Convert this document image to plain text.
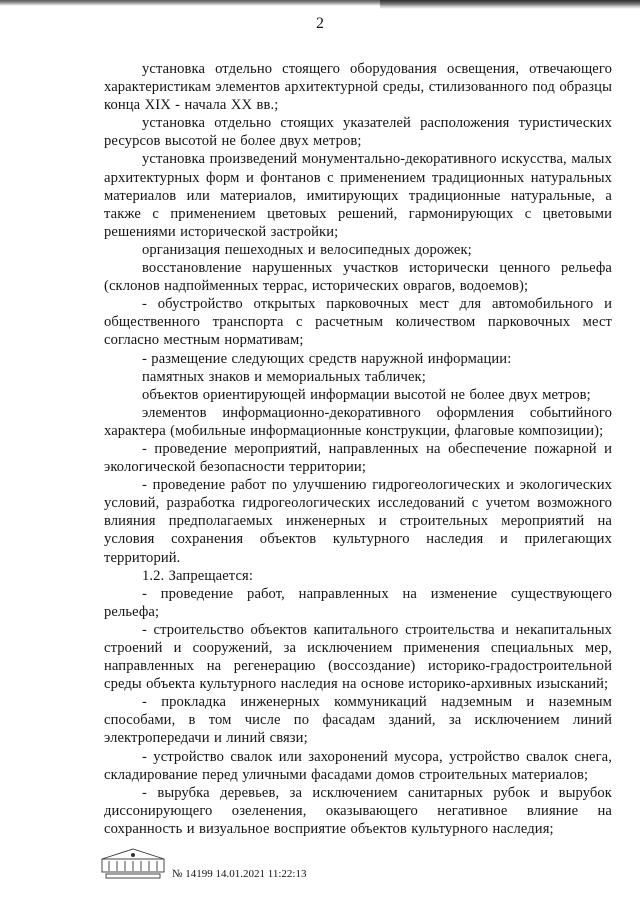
2

установка отдельно стоящего оборудования освещения, отвечающего характеристикам элементов архитектурной среды, стилизованного под образцы конца XIX - начала XX вв.;

установка отдельно стоящих указателей расположения туристических ресурсов высотой не более двух метров;

установка произведений монументально-декоративного искусства, малых архитектурных форм и фонтанов с применением традиционных натуральных материалов или материалов, имитирующих традиционные натуральные, а также с применением цветовых решений, гармонирующих с цветовыми решениями исторической застройки;

организация пешеходных и велосипедных дорожек;

восстановление нарушенных участков исторически ценного рельефа (склонов надпойменных террас, исторических оврагов, водоемов);

- обустройство открытых парковочных мест для автомобильного и общественного транспорта с расчетным количеством парковочных мест согласно местным нормативам;

- размещение следующих средств наружной информации:

памятных знаков и мемориальных табличек;

объектов ориентирующей информации высотой не более двух метров;

элементов информационно-декоративного оформления событийного характера (мобильные информационные конструкции, флаговые композиции);

- проведение мероприятий, направленных на обеспечение пожарной и экологической безопасности территории;

- проведение работ по улучшению гидрогеологических и экологических условий, разработка гидрогеологических исследований с учетом возможного влияния предполагаемых инженерных и строительных мероприятий на условия сохранения объектов культурного наследия и прилегающих территорий.

1.2. Запрещается:

- проведение работ, направленных на изменение существующего рельефа;

- строительство объектов капитального строительства и некапитальных строений и сооружений, за исключением применения специальных мер, направленных на регенерацию (воссоздание) историко-градостроительной среды объекта культурного наследия на основе историко-архивных изысканий;

- прокладка инженерных коммуникаций надземным и наземным способами, в том числе по фасадам зданий, за исключением линий электропередачи и линий связи;

- устройство свалок или захоронений мусора, устройство свалок снега, складирование перед уличными фасадами домов строительных материалов;

- вырубка деревьев, за исключением санитарных рубок и вырубок диссонирующего озеленения, оказывающего негативное влияние на сохранность и визуальное восприятие объектов культурного наследия;

№ 14199 14.01.2021 11:22:13
